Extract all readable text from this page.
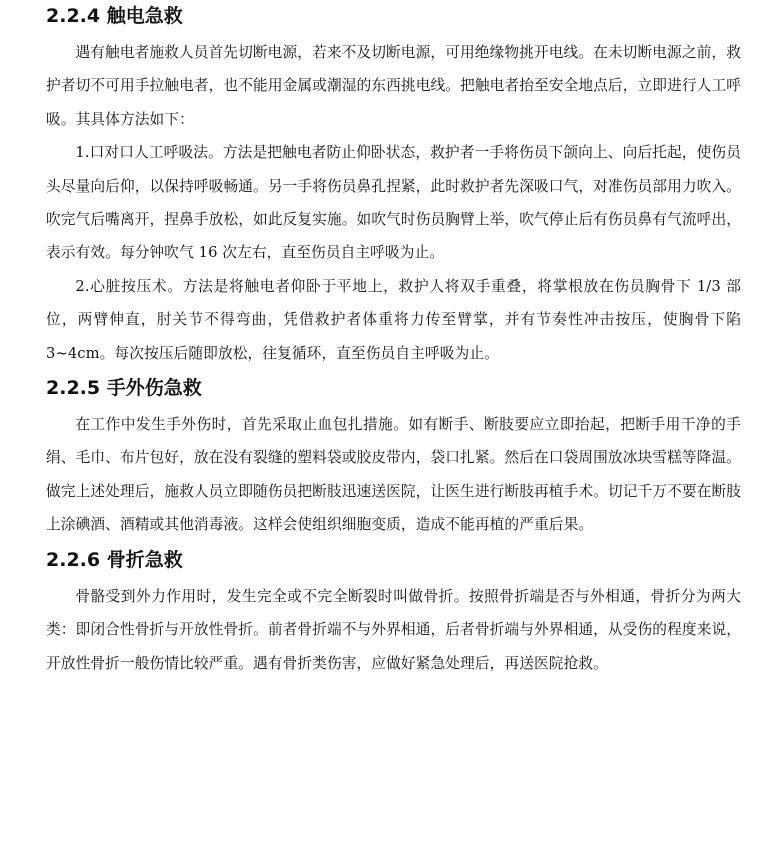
2.2.4 触电急救

遇有触电者施救人员首先切断电源，若来不及切断电源，可用绝缘物挑开电线。在未切断电源之前，救护者切不可用手拉触电者，也不能用金属或潮湿的东西挑电线。把触电者抬至安全地点后，立即进行人工呼吸。其具体方法如下：

1.口对口人工呼吸法。方法是把触电者防止仰卧状态，救护者一手将伤员下颌向上、向后托起，使伤员头尽量向后仰，以保持呼吸畅通。另一手将伤员鼻孔捏紧，此时救护者先深吸口气，对准伤员部用力吹入。吹完气后嘴离开，捏鼻手放松，如此反复实施。如吹气时伤员胸臂上举，吹气停止后有伤员鼻有气流呼出，表示有效。每分钟吹气 16 次左右，直至伤员自主呼吸为止。

2.心脏按压术。方法是将触电者仰卧于平地上，救护人将双手重叠，将掌根放在伤员胸骨下 1/3 部位，两臂伸直，肘关节不得弯曲，凭借救护者体重将力传至臂掌，并有节奏性冲击按压，使胸骨下陷 3~4cm。每次按压后随即放松，往复循环，直至伤员自主呼吸为止。

2.2.5 手外伤急救

在工作中发生手外伤时，首先采取止血包扎措施。如有断手、断肢要应立即抬起，把断手用干净的手绢、毛巾、布片包好，放在没有裂缝的塑料袋或胶皮带内，袋口扎紧。然后在口袋周围放冰块雪糕等降温。做完上述处理后，施救人员立即随伤员把断肢迅速送医院，让医生进行断肢再植手术。切记千万不要在断肢上涂碘酒、酒精或其他消毒液。这样会使组织细胞变质，造成不能再植的严重后果。

2.2.6 骨折急救

骨骼受到外力作用时，发生完全或不完全断裂时叫做骨折。按照骨折端是否与外相通，骨折分为两大类：即闭合性骨折与开放性骨折。前者骨折端不与外界相通，后者骨折端与外界相通，从受伤的程度来说，开放性骨折一般伤情比较严重。遇有骨折类伤害，应做好紧急处理后，再送医院抢救。
